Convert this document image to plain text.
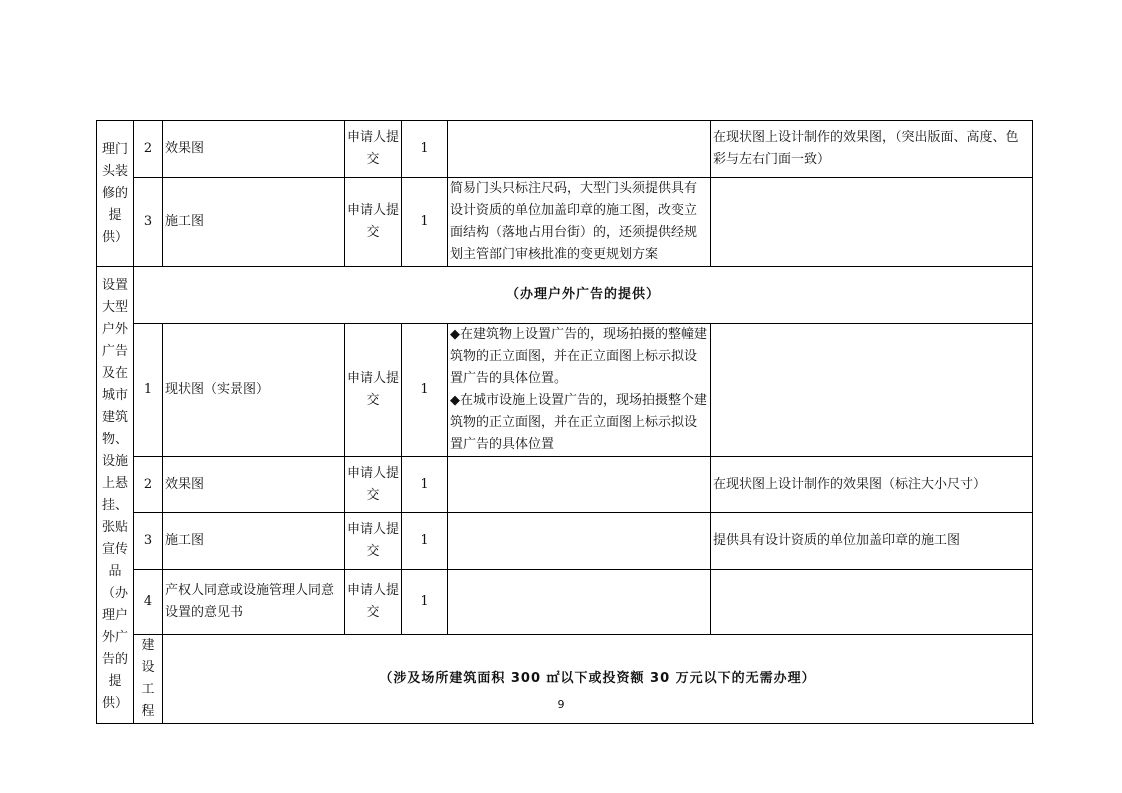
理门头装修的提供）	2	效果图	申请人提交	1		在现状图上设计制作的效果图，（突出版面、高度、色彩与左右门面一致）
	3	施工图	申请人提交	1	简易门头只标注尺码，大型门头须提供具有设计资质的单位加盖印章的施工图，改变立面结构（落地占用台街）的，还须提供经规划主管部门审核批准的变更规划方案	
设置大型户外广告及在城市建筑物、设施上悬挂、张贴宣传品（办理户外广告的提供）	（办理户外广告的提供）					
	1	现状图（实景图）	申请人提交	1	◆在建筑物上设置广告的，现场拍摄的整幢建筑物的正立面图，并在正立面图上标示拟设置广告的具体位置。
◆在城市设施上设置广告的，现场拍摄整个建筑物的正立面图，并在正立面图上标示拟设置广告的具体位置	

	2	效果图	申请人提交	1		在现状图上设计制作的效果图（标注大小尺寸）
	3	施工图	申请人提交	1		提供具有设计资质的单位加盖印章的施工图
	4	产权人同意或设施管理人同意设置的意见书	申请人提交	1		
	建设工程	（涉及场所建筑面积 300 ㎡以下或投资额 30 万元以下的无需办理）				
9
